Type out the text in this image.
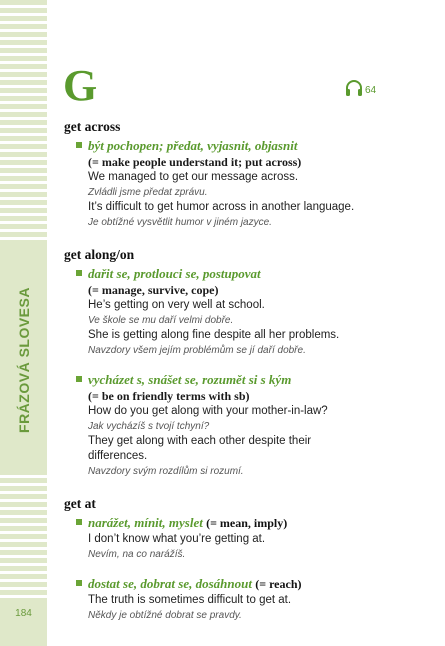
FRÁZOVÁ SLOVESA
184
G	64
get across
být pochopen; předat, vyjasnit, objasnit
(= make people understand it; put across)
We managed to get our message across.
Zvládli jsme předat zprávu.
It’s difficult to get humor across in another language.
Je obtížné vysvětlit humor v jiném jazyce.
get along/on
dařit se, protlouci se, postupovat
(= manage, survive, cope)
He’s getting on very well at school.
Ve škole se mu daří velmi dobře.
She is getting along fine despite all her problems.
Navzdory všem jejím problémům se jí daří dobře.
vycházet s, snášet se, rozumět si s kým
(= be on friendly terms with sb)
How do you get along with your mother-in-law?
Jak vycházíš s tvojí tchyní?
They get along with each other despite their differences.
Navzdory svým rozdílům si rozumí.
get at
narážet, mínit, myslet (= mean, imply)
I don’t know what you’re getting at.
Nevím, na co narážíš.
dostat se, dobrat se, dosáhnout (= reach)
The truth is sometimes difficult to get at.
Někdy je obtížné dobrat se pravdy.
